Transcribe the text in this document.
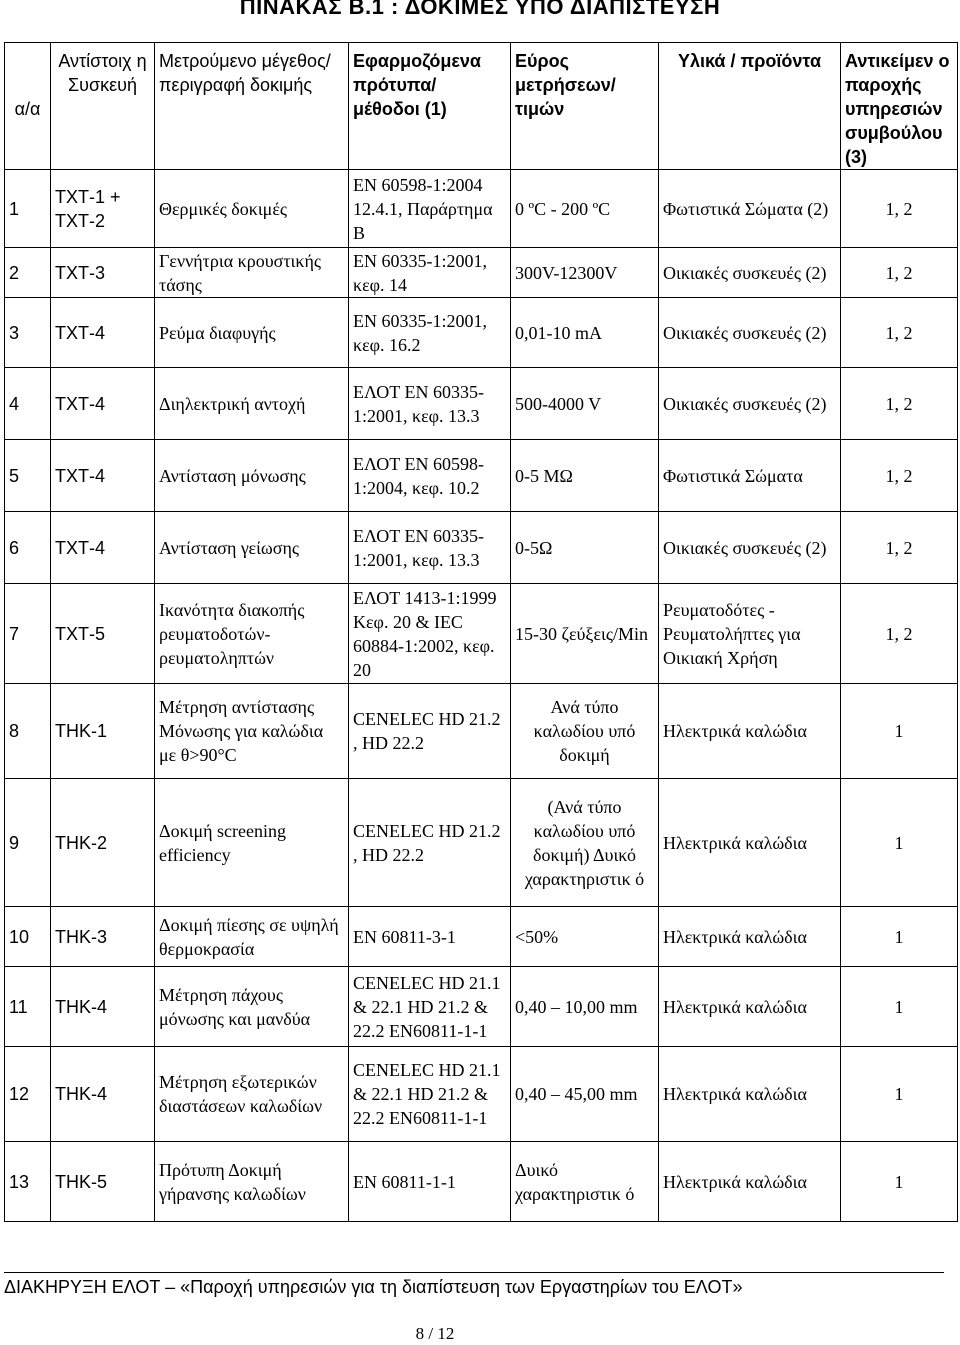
ΠΙΝΑΚΑΣ Β.1 : ΔΟΚΙΜΕΣ ΥΠΟ ΔΙΑΠΙΣΤΕΥΣΗ
α/α	Αντίστοιχ η Συσκευή	Μετρούμενο μέγεθος/ περιγραφή δοκιμής	Εφαρμοζόμενα πρότυπα/ μέθοδοι (1)	Εύρος μετρήσεων/ τιμών	Υλικά / προϊόντα	Αντικείμεν ο παροχής υπηρεσιών συμβούλου (3)
1	ΤΧΤ-1 + ΤΧΤ-2	Θερμικές δοκιμές	EN 60598-1:2004 12.4.1, Παράρτημα Β	0 ºC - 200 ºC	Φωτιστικά Σώματα (2)	1, 2
2	ΤΧΤ-3	Γεννήτρια κρουστικής τάσης	EN 60335-1:2001, κεφ. 14	300V-12300V	Οικιακές συσκευές (2)	1, 2
3	ΤΧΤ-4	Ρεύμα διαφυγής	EN 60335-1:2001, κεφ. 16.2	0,01-10 mA	Οικιακές συσκευές (2)	1, 2
4	ΤΧΤ-4	Διηλεκτρική αντοχή	ΕΛΟΤ EN 60335-1:2001, κεφ. 13.3	500-4000 V	Οικιακές συσκευές (2)	1, 2
5	ΤΧΤ-4	Αντίσταση μόνωσης	ΕΛΟΤ EN 60598-1:2004, κεφ. 10.2	0-5 ΜΩ	Φωτιστικά Σώματα	1, 2
6	ΤΧΤ-4	Αντίσταση γείωσης	ΕΛΟΤ EN 60335-1:2001, κεφ. 13.3	0-5Ω	Οικιακές συσκευές (2)	1, 2
7	ΤΧΤ-5	Ικανότητα διακοπής ρευματοδοτών-ρευματοληπτών	ΕΛΟΤ 1413-1:1999 Κεφ. 20 & IEC 60884-1:2002, κεφ. 20	15-30 ζεύξεις/Min	Ρευματοδότες - Ρευματολήπτες για Οικιακή Χρήση	1, 2
8	ΤΗΚ-1	Μέτρηση αντίστασης Μόνωσης για καλώδια με θ>90°C	CENELEC HD 21.2 , HD 22.2	Ανά τύπο καλωδίου υπό δοκιμή	Ηλεκτρικά καλώδια	1
9	ΤΗΚ-2	Δοκιμή screening efficiency	CENELEC HD 21.2 , HD 22.2	(Ανά τύπο καλωδίου υπό δοκιμή) Δυικό χαρακτηριστικ ό	Ηλεκτρικά καλώδια	1
10	ΤΗΚ-3	Δοκιμή πίεσης σε υψηλή θερμοκρασία	EN 60811-3-1	<50%	Ηλεκτρικά καλώδια	1
11	ΤΗΚ-4	Μέτρηση πάχους μόνωσης και μανδύα	CENELEC HD 21.1 & 22.1 HD 21.2 & 22.2 EN60811-1-1	0,40 – 10,00 mm	Ηλεκτρικά καλώδια	1
12	ΤΗΚ-4	Μέτρηση εξωτερικών διαστάσεων καλωδίων	CENELEC HD 21.1 & 22.1 HD 21.2 & 22.2 EN60811-1-1	0,40 – 45,00 mm	Ηλεκτρικά καλώδια	1
13	ΤΗΚ-5	Πρότυπη Δοκιμή γήρανσης καλωδίων	EN 60811-1-1	Δυικό χαρακτηριστικ ό	Ηλεκτρικά καλώδια	1
ΔΙΑΚΗΡΥΞΗ ΕΛΟΤ – «Παροχή υπηρεσιών για τη διαπίστευση των Εργαστηρίων του ΕΛΟΤ»
8 / 12
